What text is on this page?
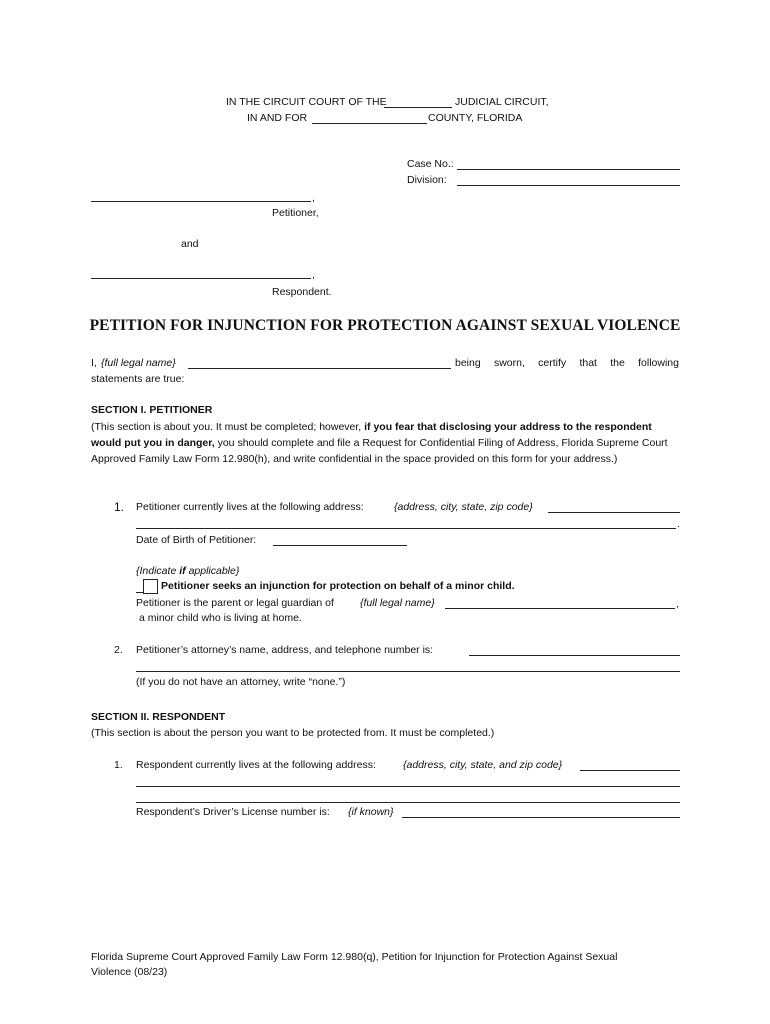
IN THE CIRCUIT COURT OF THE	JUDICIAL CIRCUIT,
IN AND FOR	COUNTY, FLORIDA
Case No.:
Division:
,
Petitioner,
and
,
Respondent.
PETITION FOR INJUNCTION FOR PROTECTION AGAINST SEXUAL VIOLENCE
I, {full legal name}	being sworn, certify that the following
statements are true:
SECTION I. PETITIONER
(This section is about you. It must be completed; however, if you fear that disclosing your address to the respondent would put you in danger, you should complete and file a Request for Confidential Filing of Address, Florida Supreme Court Approved Family Law Form 12.980(h), and write confidential in the space provided on this form for your address.)
1. Petitioner currently lives at the following address:	{address, city, state, zip code}
.
Date of Birth of Petitioner:
{Indicate if applicable}
Petitioner seeks an injunction for protection on behalf of a minor child.
Petitioner is the parent or legal guardian of {full legal name}	,
a minor child who is living at home.
2. Petitioner’s attorney’s name, address, and telephone number is:
(If you do not have an attorney, write “none.”)
SECTION II. RESPONDENT
(This section is about the person you want to be protected from. It must be completed.)
1. Respondent currently lives at the following address:	{address, city, state, and zip code}
Respondent’s Driver’s License number is: {if known}
Florida Supreme Court Approved Family Law Form 12.980(q), Petition for Injunction for Protection Against Sexual
Violence (08/23)
